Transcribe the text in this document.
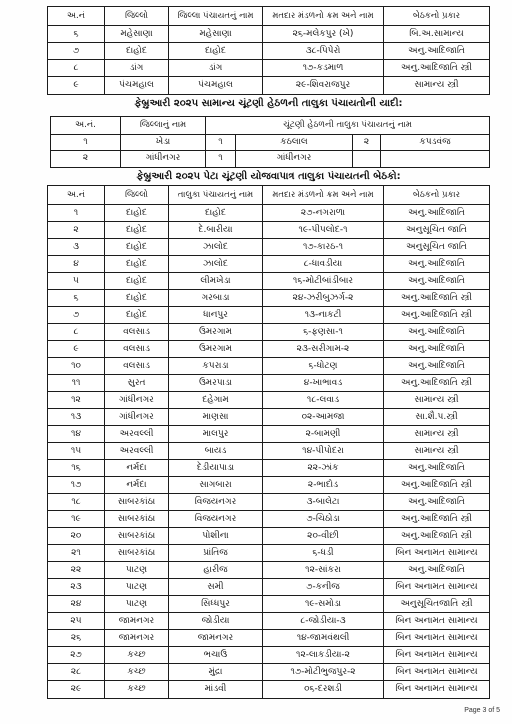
અ.નં	જિલ્લો	જિલ્લા પંચાયતનું નામ	મતદાર મંડળનો ક્રમ અને નામ	બેઠકનો પ્રકાર
૬	મહેસાણા	મહેસાણા	૨૬-મલેકપુર (ખે)	બિ.અ.સામાન્ય
૭	દાહોદ	દાહોદ	૩૮-પિપેરો	અનુ.આદિજાતિ
૮	ડાંગ	ડાંગ	૧૭-કડમાળ	અનુ.આદિજાતિ સ્ત્રી
૯	પંચમહાલ	પંચમહાલ	૨૯-શિવરાજપુર	સામાન્ય સ્ત્રી
ફેબ્રુઆરી ૨૦૨૫ સામાન્ય ચૂંટણી હેઠળની તાલુકા પંચાયતોની યાદી:
અ.નં.	જિલ્લાનું નામ	ચૂંટણી હેઠળની તાલુકા પંચાયતનું નામ
૧	ખેડા	૧	કઠલાલ	૨	કપડવંજ
૨	ગાંધીનગર	૧	ગાંધીનગર
ફેબ્રુઆરી ૨૦૨૫ પેટા ચૂંટણી યોજવાપાત્ર તાલુકા પંચાયતની બેઠકો:
અ.નં	જિલ્લો	તાલુકા પંચાયતનું નામ	મતદાર મંડળનો ક્રમ અને નામ	બેઠકનો પ્રકાર
૧	દાહોદ	દાહોદ	૨૭-નગરાળા	અનુ.આદિજાતિ
૨	દાહોદ	દે.બારીયા	૧૯-પીપલોદ-૧	અનુસૂચિત જાતિ
૩	દાહોદ	ઝાલોદ	૧૭-કારઠ-૧	અનુસૂચિત જાતિ
૪	દાહોદ	ઝાલોદ	૮-ધાવડીયા	અનુ.આદિજાતિ
૫	દાહોદ	લીમખેડા	૧૬-મોટીબાંડીબાર	અનુ.આદિજાતિ
૬	દાહોદ	ગરબાડા	૨૪-ઝરીબુઝર્ગ-૨	અનુ.આદિજાતિ સ્ત્રી
૭	દાહોદ	ધાનપુર	૧૩-નાકટી	અનુ.આદિજાતિ સ્ત્રી
૮	વલસાડ	ઉમરગામ	૬-ફણસા-૧	અનુ.આદિજાતિ
૯	વલસાડ	ઉમરગામ	૨૩-સરીગામ-૨	અનુ.આદિજાતિ
૧૦	વલસાડ	કપરાડા	૬-ધોટણ	અનુ.આદિજાતિ
૧૧	સુરત	ઉમરપાડા	૪-ખાભાવડ	અનુ.આદિજાતિ સ્ત્રી
૧૨	ગાંધીનગર	દહેગામ	૧૮-લવાડ	સામાન્ય સ્ત્રી
૧૩	ગાંધીનગર	માણસા	૦૨-આમજા	સા.શૈ.પ.સ્ત્રી
૧૪	અરવલ્લી	માલપુર	૨-બામણી	સામાન્ય સ્ત્રી
૧૫	અરવલ્લી	બાયડ	૧૪-પીપોદરા	સામાન્ય સ્ત્રી
૧૬	નર્મદા	દેડીયાપાડા	૨૨-ઝાંક	અનુ.આદિજાતિ
૧૭	નર્મદા	સાગબારા	૨-ભાદોડ	અનુ.આદિજાતિ સ્ત્રી
૧૮	સાબરકાંઠા	વિજયનગર	૩-બાલેટા	અનુ.આદિજાતિ
૧૯	સાબરકાંઠા	વિજયનગર	૭-ચિઠોડા	અનુ.આદિજાતિ સ્ત્રી
૨૦	સાબરકાંઠા	પોશીના	૨૦-વીછી	અનુ.આદિજાતિ સ્ત્રી
૨૧	સાબરકાંઠા	પ્રાંતિજ	૬-ધડી	બિન અનામત સામાન્ય
૨૨	પાટણ	હારીજ	૧૨-સાંકરા	અનુ.આદિજાતિ
૨૩	પાટણ	સમી	૭-કનીજ	બિન અનામત સામાન્ય
૨૪	પાટણ	સિધ્ધપુર	૧૯-સમોડા	અનુસૂચિતજાતિ સ્ત્રી
૨૫	જામનગર	જોડીયા	૮-જોડીયા-૩	બિન અનામત સામાન્ય
૨૬	જામનગર	જામનગર	૧૪-જામવંથલી	બિન અનામત સામાન્ય
૨૭	કચ્છ	ભચાઉ	૧૨-લાકડીયા-૨	બિન અનામત સામાન્ય
૨૮	કચ્છ	મુંદ્રા	૧૭-મોટીભુજપુર-૨	બિન અનામત સામાન્ય
૨૯	કચ્છ	માંડવી	૦૬-દરશડી	બિન અનામત સામાન્ય
Page 3 of 5
